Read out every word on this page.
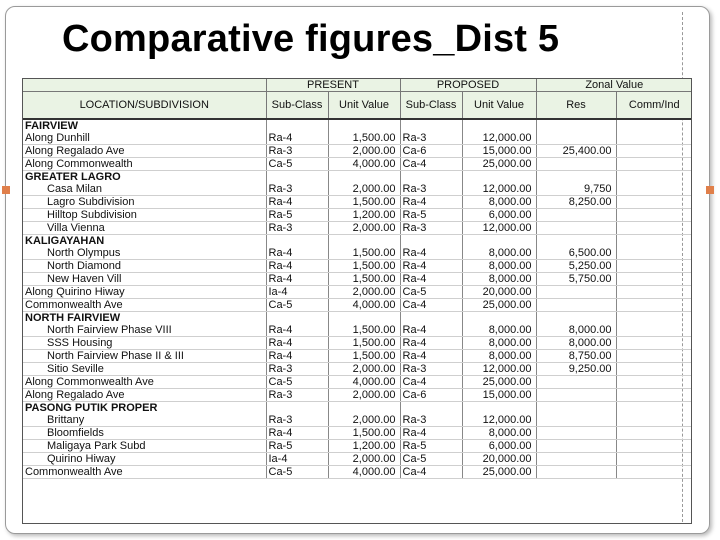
Comparative figures_Dist 5
	PRESENT		PROPOSED		Zonal Value	
LOCATION/SUBDIVISION	Sub-Class	Unit Value	Sub-Class	Unit Value	Res	Comm/Ind
FAIRVIEW						
Along Dunhill	Ra-4	1,500.00	Ra-3	12,000.00		
Along Regalado Ave	Ra-3	2,000.00	Ca-6	15,000.00	25,400.00	
Along Commonwealth	Ca-5	4,000.00	Ca-4	25,000.00		
GREATER LAGRO						
Casa Milan	Ra-3	2,000.00	Ra-3	12,000.00	9,750	
Lagro Subdivision	Ra-4	1,500.00	Ra-4	8,000.00	8,250.00	
Hilltop Subdivision	Ra-5	1,200.00	Ra-5	6,000.00		
Villa Vienna	Ra-3	2,000.00	Ra-3	12,000.00		
KALIGAYAHAN						
North Olympus	Ra-4	1,500.00	Ra-4	8,000.00	6,500.00	
North Diamond	Ra-4	1,500.00	Ra-4	8,000.00	5,250.00	
New Haven Vill	Ra-4	1,500.00	Ra-4	8,000.00	5,750.00	
Along Quirino Hiway	Ia-4	2,000.00	Ca-5	20,000.00		
Commonwealth Ave	Ca-5	4,000.00	Ca-4	25,000.00		
NORTH FAIRVIEW						
North Fairview Phase VIII	Ra-4	1,500.00	Ra-4	8,000.00	8,000.00	
SSS Housing	Ra-4	1,500.00	Ra-4	8,000.00	8,000.00	
North Fairview Phase II & III	Ra-4	1,500.00	Ra-4	8,000.00	8,750.00	
Sitio Seville	Ra-3	2,000.00	Ra-3	12,000.00	9,250.00	
Along Commonwealth Ave	Ca-5	4,000.00	Ca-4	25,000.00		
Along Regalado Ave	Ra-3	2,000.00	Ca-6	15,000.00		
PASONG PUTIK PROPER						
Brittany	Ra-3	2,000.00	Ra-3	12,000.00		
Bloomfields	Ra-4	1,500.00	Ra-4	8,000.00		
Maligaya Park Subd	Ra-5	1,200.00	Ra-5	6,000.00		
Quirino Hiway	Ia-4	2,000.00	Ca-5	20,000.00		
Commonwealth Ave	Ca-5	4,000.00	Ca-4	25,000.00		
